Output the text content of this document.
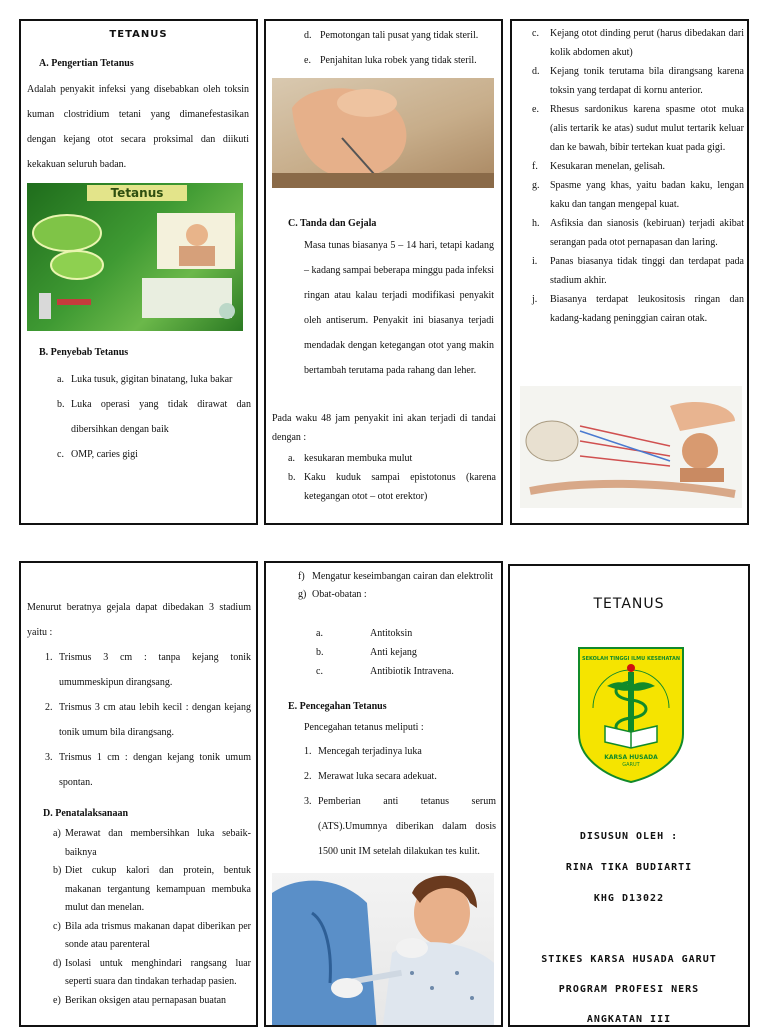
TETANUS
A. Pengertian Tetanus

Adalah penyakit infeksi yang disebabkan oleh toksin kuman clostridium tetani yang dimanefestasikan dengan kejang otot secara proksimal dan diikuti kekakuan seluruh badan.

Tetanus
B. Penyebab Tetanus
a. Luka tusuk, gigitan binatang, luka bakar
b. Luka operasi yang tidak dirawat dan dibersihkan dengan baik
c. OMP, caries gigi
d. Pemotongan tali pusat yang tidak steril.
e. Penjahitan luka robek yang tidak steril.
C. Tanda dan Gejala

Masa tunas biasanya 5 – 14 hari, tetapi kadang – kadang sampai beberapa minggu pada infeksi ringan atau kalau terjadi modifikasi penyakit oleh antiserum. Penyakit ini biasanya terjadi mendadak dengan ketegangan otot yang makin bertambah terutama pada rahang dan leher.

Pada waku 48 jam penyakit ini akan terjadi di tandai dengan :

a. kesukaran membuka mulut
b. Kaku kuduk sampai epistotonus (karena ketegangan otot – otot erektor)
c.	Kejang otot dinding perut (harus dibedakan dari kolik abdomen akut)
d.	Kejang tonik terutama bila dirangsang karena toksin yang terdapat di kornu anterior.
e.	Rhesus sardonikus karena spasme otot muka (alis tertarik ke atas) sudut mulut tertarik keluar dan ke bawah, bibir tertekan kuat pada gigi.
f.	Kesukaran menelan, gelisah.
g.	Spasme yang khas, yaitu badan kaku, lengan kaku dan tangan mengepal kuat.
h.	Asfiksia dan sianosis (kebiruan) terjadi akibat serangan pada otot pernapasan dan laring.
i.	Panas biasanya tidak tinggi dan terdapat pada stadium akhir.
j.	Biasanya terdapat leukositosis ringan dan kadang-kadang peninggian cairan otak.

Menurut beratnya gejala dapat dibedakan 3 stadium yaitu :

1. Trismus 3 cm : tanpa kejang tonik umummeskipun dirangsang.
2. Trismus 3 cm atau lebih kecil : dengan kejang tonik umum bila dirangsang.
3. Trismus 1 cm : dengan kejang tonik umum spontan.
D. Penatalaksanaan
a) Merawat dan membersihkan luka sebaik-baiknya
b) Diet cukup kalori dan protein, bentuk makanan tergantung kemampuan membuka mulut dan menelan.
c) Bila ada trismus makanan dapat diberikan per sonde atau parenteral
d) Isolasi untuk menghindari rangsang luar seperti suara dan tindakan terhadap pasien.
e) Berikan oksigen atau pernapasan buatan
f) Mengatur keseimbangan cairan dan elektrolit
g) Obat-obatan :
a.	Antitoksin
b.	Anti kejang
c.	Antibiotik Intravena.
E. Pencegahan Tetanus

Pencegahan tetanus meliputi :

1. Mencegah terjadinya luka
2. Merawat luka secara adekuat.
3. Pemberian anti tetanus serum (ATS).Umumnya diberikan dalam dosis 1500 unit IM setelah dilakukan tes kulit.
TETANUS
SEKOLAH TINGGI ILMU KESEHATAN
KARSA HUSADA
GARUT
DISUSUN OLEH :
RINA TIKA BUDIARTI
KHG D13022
STIKES KARSA HUSADA GARUT
PROGRAM PROFESI NERS
ANGKATAN III
